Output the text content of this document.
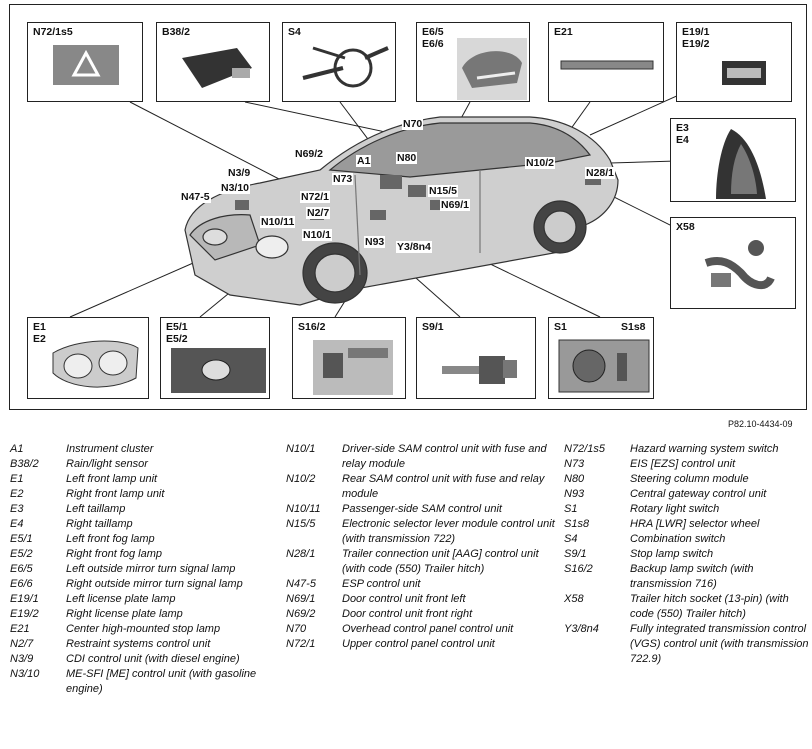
N72/1s5	B38/2	S4	E6/5
E6/6
E21	E19/1
E19/2
E3
E4
X58
E1
E2
E5/1
E5/2
S16/2	S9/1	S1	S1s8
N70
N69/2
A1	N80	N10/2
N28/1
N3/9	N73
N15/5
N3/10
N72/1
N69/1
N47-5
N2/7
N10/11
N10/1
N93 Y3/8n4
P82.10-4434-09
A1	Instrument cluster
B38/2	Rain/light sensor
E1	Left front lamp unit
E2	Right front lamp unit
E3	Left taillamp
E4	Right taillamp
E5/1	Left front fog lamp
E5/2	Right front fog lamp
E6/5	Left outside mirror turn signal lamp
E6/6	Right outside mirror turn signal lamp
E19/1	Left license plate lamp
E19/2	Right license plate lamp
E21	Center high-mounted stop lamp
N2/7	Restraint systems control unit
N3/9	CDI control unit (with diesel engine)
N3/10	ME-SFI [ME] control unit (with gasoline engine)
N10/1	Driver-side SAM control unit with fuse and relay module
N10/2	Rear SAM control unit with fuse and relay module
N10/11	Passenger-side SAM control unit
N15/5	Electronic selector lever module control unit (with transmission 722)
N28/1	Trailer connection unit [AAG] control unit (with code (550) Trailer hitch)
N47-5	ESP control unit
N69/1	Door control unit front left
N69/2	Door control unit front right
N70	Overhead control panel control unit
N72/1	Upper control panel control unit
N72/1s5	Hazard warning system switch
N73	EIS [EZS] control unit
N80	Steering column module
N93	Central gateway control unit
S1	Rotary light switch
S1s8	HRA [LWR] selector wheel
S4	Combination switch
S9/1	Stop lamp switch
S16/2	Backup lamp switch (with transmission 716)
X58	Trailer hitch socket (13-pin) (with code (550) Trailer hitch)
Y3/8n4	Fully integrated transmission control (VGS) control unit (with transmission 722.9)
